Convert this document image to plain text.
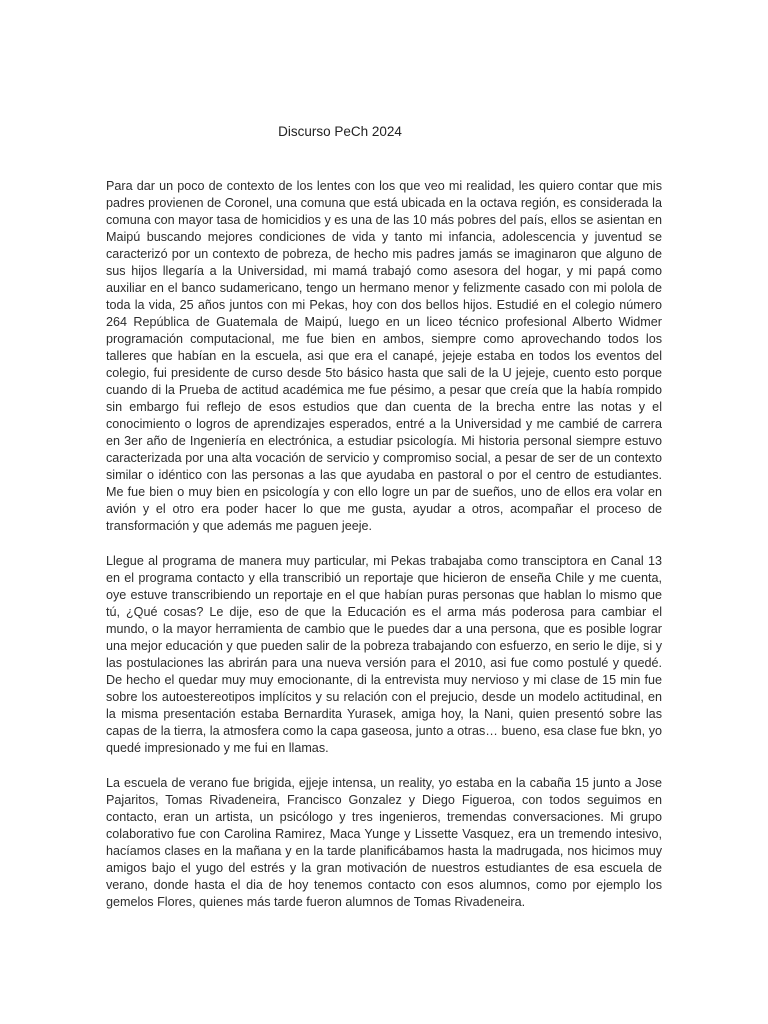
Discurso PeCh 2024

Para dar un poco de contexto de los lentes con los que veo mi realidad, les quiero contar que mis padres provienen de Coronel, una comuna que está ubicada en la octava región, es considerada la comuna con mayor tasa de homicidios y es una de las 10 más pobres del país, ellos se asientan en Maipú buscando mejores condiciones de vida y tanto mi infancia, adolescencia y juventud se caracterizó por un contexto de pobreza, de hecho mis padres jamás se imaginaron que alguno de sus hijos llegaría a la Universidad, mi mamá trabajó como asesora del hogar, y mi papá como auxiliar en el banco sudamericano, tengo un hermano menor y felizmente casado con mi polola de toda la vida, 25 años juntos con mi Pekas, hoy con dos bellos hijos. Estudié en el colegio número 264 República de Guatemala de Maipú, luego en un liceo técnico profesional Alberto Widmer programación computacional, me fue bien en ambos, siempre como aprovechando todos los talleres que habían en la escuela, asi que era el canapé, jejeje estaba en todos los eventos del colegio, fui presidente de curso desde 5to básico hasta que sali de la U jejeje, cuento esto porque cuando di la Prueba de actitud académica me fue pésimo, a pesar que creía que la había rompido sin embargo fui reflejo de esos estudios que dan cuenta de la brecha entre las notas y el conocimiento o logros de aprendizajes esperados, entré a la Universidad y me cambié de carrera en 3er año de Ingeniería en electrónica, a estudiar psicología. Mi historia personal siempre estuvo caracterizada por una alta vocación de servicio y compromiso social, a pesar de ser de un contexto similar o idéntico con las personas a las que ayudaba en pastoral o por el centro de estudiantes. Me fue bien o muy bien en psicología y con ello logre un par de sueños, uno de ellos era volar en avión y el otro era poder hacer lo que me gusta, ayudar a otros, acompañar el proceso de transformación y que además me paguen jeeje.

Llegue al programa de manera muy particular, mi Pekas trabajaba como transciptora en Canal 13 en el programa contacto y ella transcribió un reportaje que hicieron de enseña Chile y me cuenta, oye estuve transcribiendo un reportaje en el que habían puras personas que hablan lo mismo que tú, ¿Qué cosas? Le dije, eso de que la Educación es el arma más poderosa para cambiar el mundo, o la mayor herramienta de cambio que le puedes dar a una persona, que es posible lograr una mejor educación y que pueden salir de la pobreza trabajando con esfuerzo, en serio le dije, si y las postulaciones las abrirán para una nueva versión para el 2010, asi fue como postulé y quedé. De hecho el quedar muy muy emocionante, di la entrevista muy nervioso y mi clase de 15 min fue sobre los autoestereotipos implícitos y su relación con el prejucio, desde un modelo actitudinal, en la misma presentación estaba Bernardita Yurasek, amiga hoy, la Nani, quien presentó sobre las capas de la tierra, la atmosfera como la capa gaseosa, junto a otras… bueno, esa clase fue bkn, yo quedé impresionado y me fui en llamas.

La escuela de verano fue brigida, ejjeje intensa, un reality, yo estaba en la cabaña 15 junto a Jose Pajaritos, Tomas Rivadeneira, Francisco Gonzalez y Diego Figueroa, con todos seguimos en contacto, eran un artista, un psicólogo y tres ingenieros, tremendas conversaciones. Mi grupo colaborativo fue con Carolina Ramirez, Maca Yunge y Lissette Vasquez, era un tremendo intesivo, hacíamos clases en la mañana y en la tarde planificábamos hasta la madrugada, nos hicimos muy amigos bajo el yugo del estrés y la gran motivación de nuestros estudiantes de esa escuela de verano, donde hasta el dia de hoy tenemos contacto con esos alumnos, como por ejemplo los gemelos Flores, quienes más tarde fueron alumnos de Tomas Rivadeneira.
